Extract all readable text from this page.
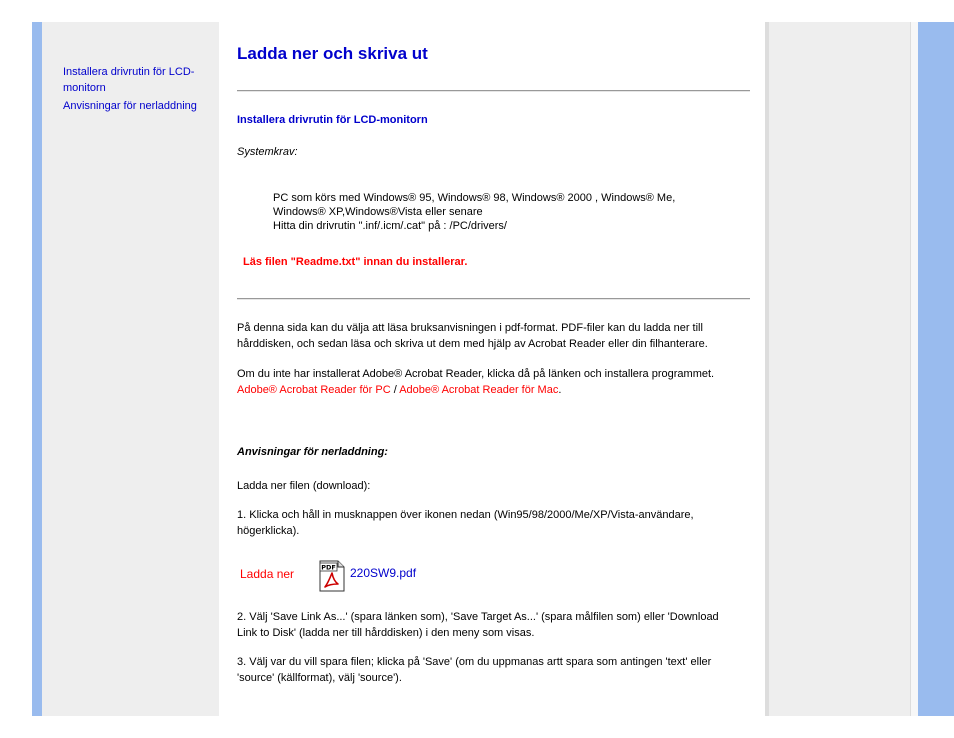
Installera drivrutin för LCD-monitorn
Anvisningar för nerladdning
Ladda ner och skriva ut
Installera drivrutin för LCD-monitorn
Systemkrav:
PC som körs med Windows® 95, Windows® 98, Windows® 2000 , Windows® Me,
Windows® XP,Windows®Vista eller senare
Hitta din drivrutin ".inf/.icm/.cat" på : /PC/drivers/
Läs filen "Readme.txt" innan du installerar.
På denna sida kan du välja att läsa bruksanvisningen i pdf-format. PDF-filer kan du ladda ner till
hårddisken, och sedan läsa och skriva ut dem med hjälp av Acrobat Reader eller din filhanterare.
Om du inte har installerat Adobe® Acrobat Reader, klicka då på länken och installera programmet.
Adobe® Acrobat Reader för PC / Adobe® Acrobat Reader för Mac.
Anvisningar för nerladdning:
Ladda ner filen (download):
1. Klicka och håll in musknappen över ikonen nedan (Win95/98/2000/Me/XP/Vista-användare,
högerklicka).
Ladda ner	PDF 220SW9.pdf
2. Välj 'Save Link As...' (spara länken som), 'Save Target As...' (spara målfilen som) eller 'Download
Link to Disk' (ladda ner till hårddisken) i den meny som visas.
3. Välj var du vill spara filen; klicka på 'Save' (om du uppmanas artt spara som antingen 'text' eller
'source' (källformat), välj 'source').
